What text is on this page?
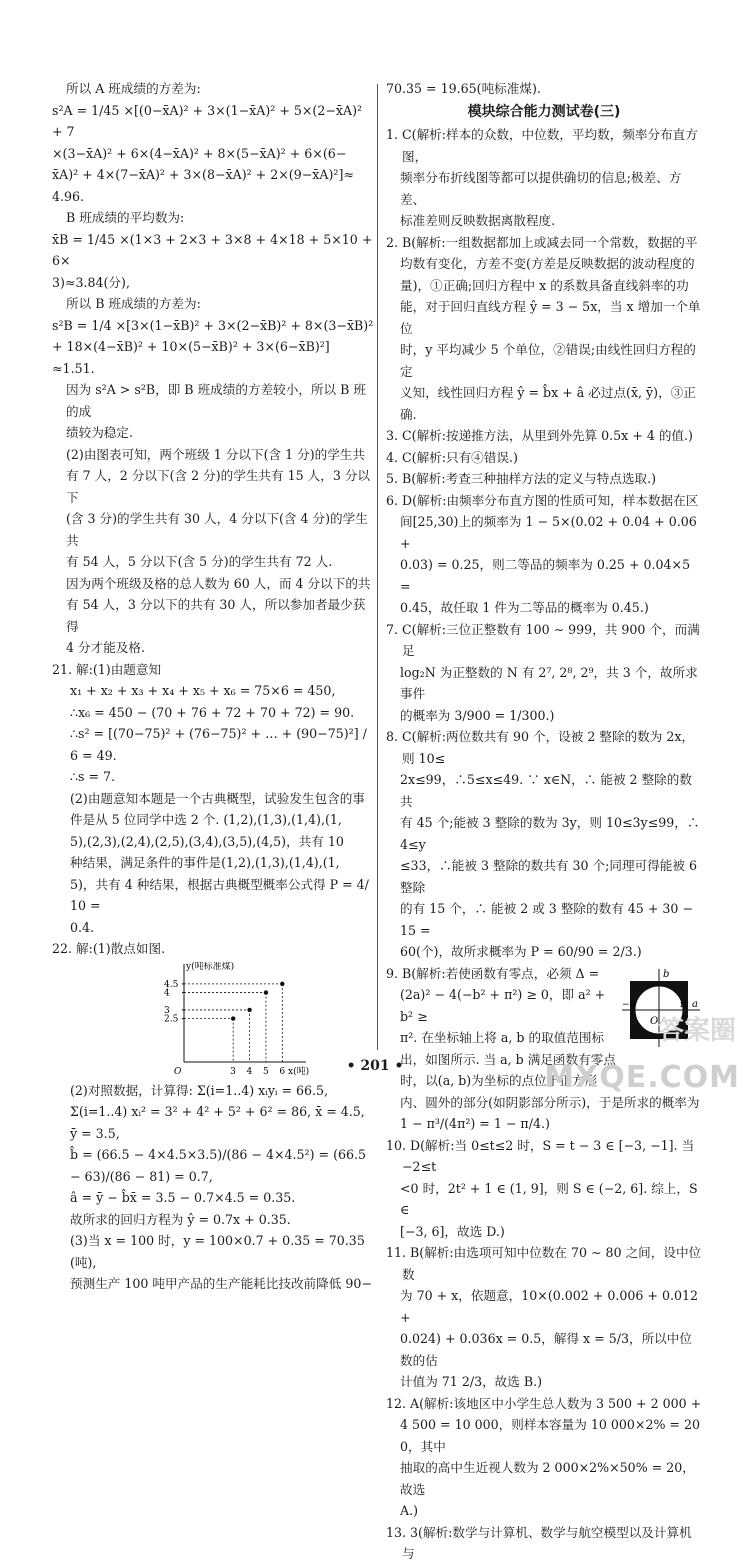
所以 A 班成绩的方差为:

s²A = 1/45 ×[(0−x̄A)² + 3×(1−x̄A)² + 5×(2−x̄A)² + 7

×(3−x̄A)² + 6×(4−x̄A)² + 8×(5−x̄A)² + 6×(6−

x̄A)² + 4×(7−x̄A)² + 3×(8−x̄A)² + 2×(9−x̄A)²]≈

4.96.

B 班成绩的平均数为:

x̄B = 1/45 ×(1×3 + 2×3 + 3×8 + 4×18 + 5×10 + 6×

3)≈3.84(分),

所以 B 班成绩的方差为:

s²B = 1/4 ×[3×(1−x̄B)² + 3×(2−x̄B)² + 8×(3−x̄B)²

+ 18×(4−x̄B)² + 10×(5−x̄B)² + 3×(6−x̄B)²]

≈1.51.

因为 s²A > s²B，即 B 班成绩的方差较小，所以 B 班的成

绩较为稳定.

(2)由图表可知，两个班级 1 分以下(含 1 分)的学生共

有 7 人，2 分以下(含 2 分)的学生共有 15 人，3 分以下

(含 3 分)的学生共有 30 人，4 分以下(含 4 分)的学生共

有 54 人，5 分以下(含 5 分)的学生共有 72 人.

因为两个班级及格的总人数为 60 人，而 4 分以下的共

有 54 人，3 分以下的共有 30 人，所以参加者最少获得

4 分才能及格.

21. 解:(1)由题意知

x₁ + x₂ + x₃ + x₄ + x₅ + x₆ = 75×6 = 450,

∴x₆ = 450 − (70 + 76 + 72 + 70 + 72) = 90.

∴s² = [(70−75)² + (76−75)² + … + (90−75)²] / 6 = 49.

∴s = 7.

(2)由题意知本题是一个古典概型，试验发生包含的事

件是从 5 位同学中选 2 个. (1,2),(1,3),(1,4),(1,

5),(2,3),(2,4),(2,5),(3,4),(3,5),(4,5)，共有 10

种结果，满足条件的事件是(1,2),(1,3),(1,4),(1,

5)，共有 4 种结果，根据古典概型概率公式得 P = 4/10 =

0.4.

22. 解:(1)散点如图.

y(吨标准煤)
x(吨)
O	3 4 5 6
2.5
3
4
4.5

(2)对照数据，计算得: Σ(i=1..4) xᵢyᵢ = 66.5,

Σ(i=1..4) xᵢ² = 3² + 4² + 5² + 6² = 86, x̄ = 4.5, ȳ = 3.5,

b̂ = (66.5 − 4×4.5×3.5)/(86 − 4×4.5²) = (66.5 − 63)/(86 − 81) = 0.7,

â = ȳ − b̂x̄ = 3.5 − 0.7×4.5 = 0.35.

故所求的回归方程为 ŷ = 0.7x + 0.35.

(3)当 x = 100 时，y = 100×0.7 + 0.35 = 70.35(吨),

预测生产 100 吨甲产品的生产能耗比技改前降低 90−

70.35 = 19.65(吨标准煤).

模块综合能力测试卷(三)

1. C(解析:样本的众数，中位数，平均数，频率分布直方图，

频率分布折线图等都可以提供确切的信息;极差、方差、

标准差则反映数据离散程度.

2. B(解析:一组数据都加上或减去同一个常数，数据的平

均数有变化，方差不变(方差是反映数据的波动程度的

量)，①正确;回归方程中 x 的系数具备直线斜率的功

能，对于回归直线方程 ŷ = 3 − 5x，当 x 增加一个单位

时，y 平均减少 5 个单位，②错误;由线性回归方程的定

义知，线性回归方程 ŷ = b̂x + â 必过点(x̄, ȳ)，③正确.

3. C(解析:按递推方法，从里到外先算 0.5x + 4 的值.)

4. C(解析:只有④错误.)

5. B(解析:考查三种抽样方法的定义与特点选取.)

6. D(解析:由频率分布直方图的性质可知，样本数据在区

间[25,30)上的频率为 1 − 5×(0.02 + 0.04 + 0.06 +

0.03) = 0.25，则二等品的频率为 0.25 + 0.04×5 =

0.45，故任取 1 件为二等品的概率为 0.45.)

7. C(解析:三位正整数有 100 ∼ 999，共 900 个，而满足

log₂N 为正整数的 N 有 2⁷, 2⁸, 2⁹，共 3 个，故所求事件

的概率为 3/900 = 1/300.)

8. C(解析:两位数共有 90 个，设被 2 整除的数为 2x，则 10≤

2x≤99，∴5≤x≤49. ∵ x∈N，∴ 能被 2 整除的数共

有 45 个;能被 3 整除的数为 3y，则 10≤3y≤99，∴ 4≤y

≤33，∴能被 3 整除的数共有 30 个;同理可得能被 6 整除

的有 15 个，∴ 能被 2 或 3 整除的数有 45 + 30 − 15 =

60(个)，故所求概率为 P = 60/90 = 2/3.)

b
a
O
π
−π

9. B(解析:若使函数有零点，必须 Δ =

(2a)² − 4(−b² + π²) ≥ 0，即 a² + b² ≥

π². 在坐标轴上将 a, b 的取值范围标

出，如图所示. 当 a, b 满足函数有零点

时，以(a, b)为坐标的点位于正方形

内、圆外的部分(如阴影部分所示)，于是所求的概率为

1 − π³/(4π²) = 1 − π/4.)

10. D(解析:当 0≤t≤2 时，S = t − 3 ∈ [−3, −1]. 当 −2≤t

<0 时，2t² + 1 ∈ (1, 9]，则 S ∈ (−2, 6]. 综上，S ∈

[−3, 6]，故选 D.)

11. B(解析:由选项可知中位数在 70 ∼ 80 之间，设中位数

为 70 + x，依题意，10×(0.002 + 0.006 + 0.012 +

0.024) + 0.036x = 0.5，解得 x = 5/3，所以中位数的估

计值为 71 2/3，故选 B.)

12. A(解析:该地区中小学生总人数为 3 500 + 2 000 +

4 500 = 10 000，则样本容量为 10 000×2% = 200，其中

抽取的高中生近视人数为 2 000×2%×50% = 20，故选

A.)

13. 3(解析:数学与计算机、数学与航空模型以及计算机与

• 201 •
答案圈
MXQE.COM
